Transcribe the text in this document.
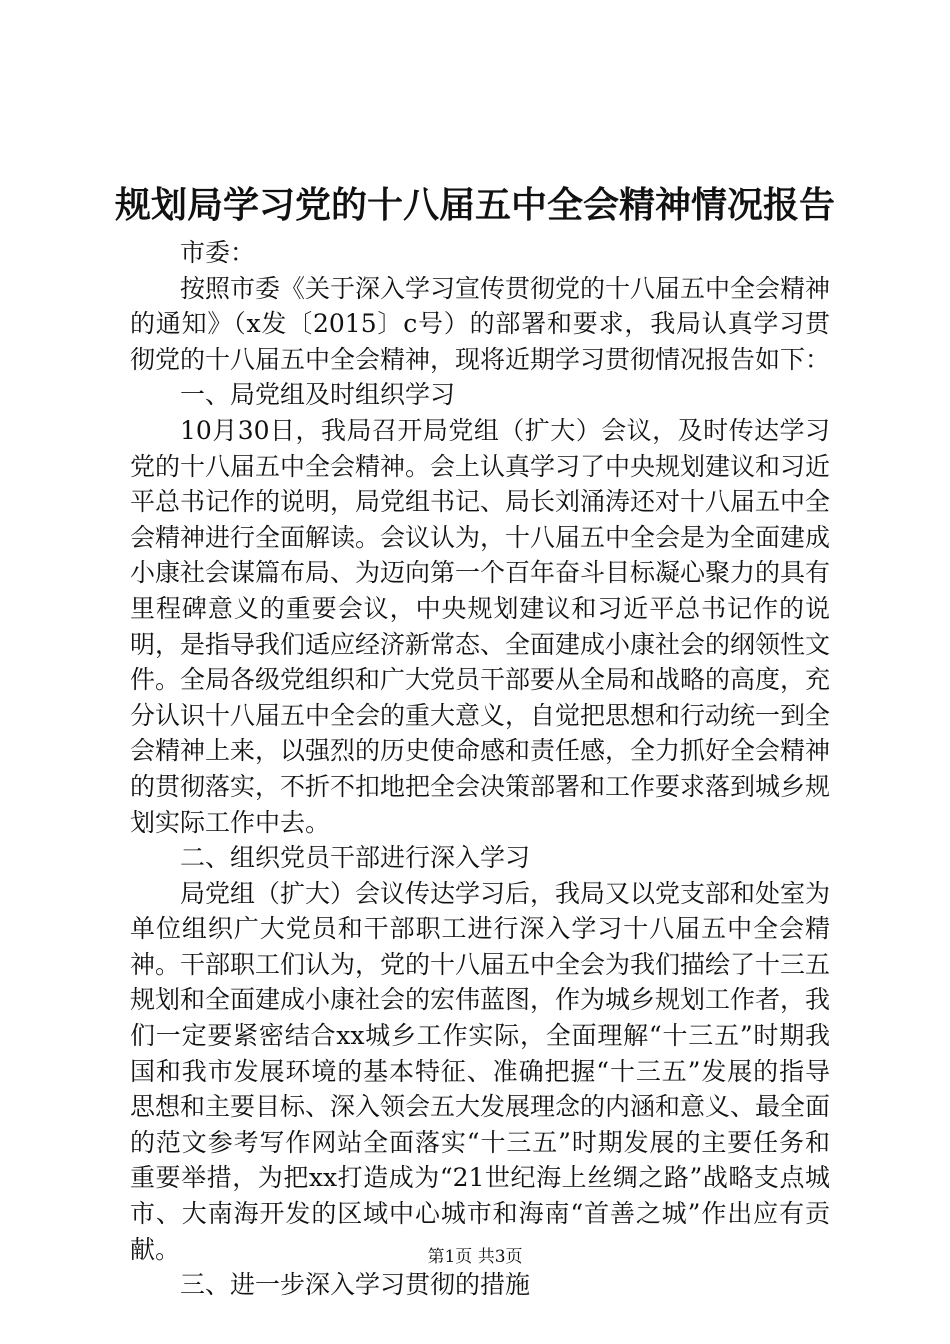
规划局学习党的十八届五中全会精神情况报告

市委：

按照市委《关于深入学习宣传贯彻党的十八届五中全会精神的通知》（x发〔2015〕c号）的部署和要求，我局认真学习贯彻党的十八届五中全会精神，现将近期学习贯彻情况报告如下：

一、局党组及时组织学习

10月30日，我局召开局党组（扩大）会议，及时传达学习党的十八届五中全会精神。会上认真学习了中央规划建议和习近平总书记作的说明，局党组书记、局长刘涌涛还对十八届五中全会精神进行全面解读。会议认为，十八届五中全会是为全面建成小康社会谋篇布局、为迈向第一个百年奋斗目标凝心聚力的具有里程碑意义的重要会议，中央规划建议和习近平总书记作的说明，是指导我们适应经济新常态、全面建成小康社会的纲领性文件。全局各级党组织和广大党员干部要从全局和战略的高度，充分认识十八届五中全会的重大意义，自觉把思想和行动统一到全会精神上来，以强烈的历史使命感和责任感，全力抓好全会精神的贯彻落实，不折不扣地把全会决策部署和工作要求落到城乡规划实际工作中去。

二、组织党员干部进行深入学习

局党组（扩大）会议传达学习后，我局又以党支部和处室为单位组织广大党员和干部职工进行深入学习十八届五中全会精神。干部职工们认为，党的十八届五中全会为我们描绘了十三五规划和全面建成小康社会的宏伟蓝图，作为城乡规划工作者，我们一定要紧密结合xx城乡工作实际，全面理解“十三五”时期我国和我市发展环境的基本特征、准确把握“十三五”发展的指导思想和主要目标、深入领会五大发展理念的内涵和意义、最全面的范文参考写作网站全面落实“十三五”时期发展的主要任务和重要举措，为把xx打造成为“21世纪海上丝绸之路”战略支点城市、大南海开发的区域中心城市和海南“首善之城”作出应有贡献。

三、进一步深入学习贯彻的措施

第1页 共3页
